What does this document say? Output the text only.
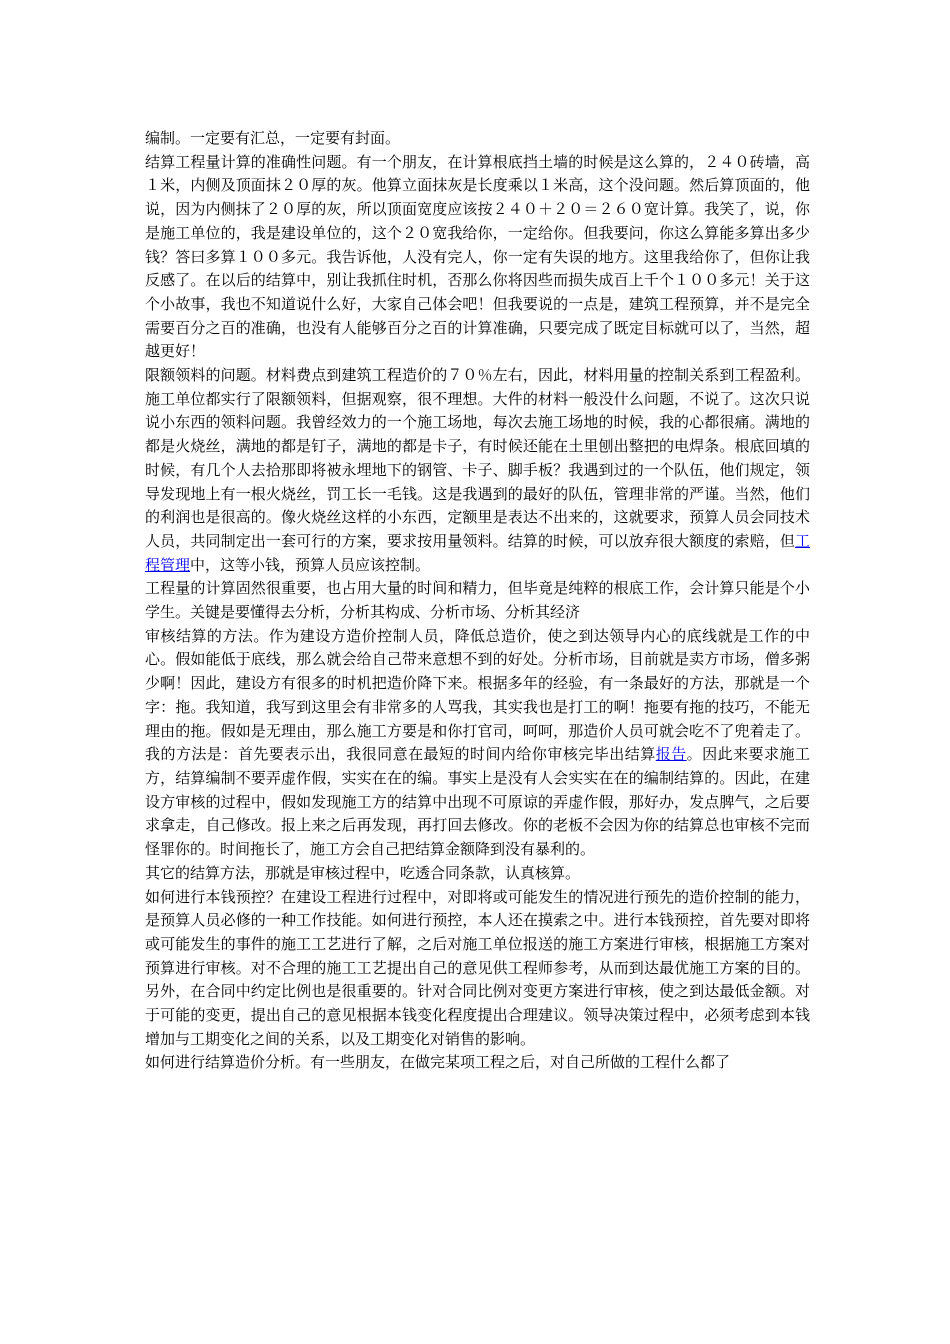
编制。一定要有汇总，一定要有封面。

结算工程量计算的准确性问题。有一个朋友，在计算根底挡土墙的时候是这么算的，２４０砖墙，高１米，内侧及顶面抹２０厚的灰。他算立面抹灰是长度乘以１米高，这个没问题。然后算顶面的，他说，因为内侧抹了２０厚的灰，所以顶面宽度应该按２４０＋２０＝２６０宽计算。我笑了，说，你是施工单位的，我是建设单位的，这个２０宽我给你，一定给你。但我要问，你这么算能多算出多少钱？答曰多算１００多元。我告诉他，人没有完人，你一定有失误的地方。这里我给你了，但你让我反感了。在以后的结算中，别让我抓住时机，否那么你将因些而损失成百上千个１００多元！关于这个小故事，我也不知道说什么好，大家自己体会吧！但我要说的一点是，建筑工程预算，并不是完全需要百分之百的准确，也没有人能够百分之百的计算准确，只要完成了既定目标就可以了，当然，超越更好！

限额领料的问题。材料费点到建筑工程造价的７０％左右，因此，材料用量的控制关系到工程盈利。施工单位都实行了限额领料，但据观察，很不理想。大件的材料一般没什么问题，不说了。这次只说说小东西的领料问题。我曾经效力的一个施工场地，每次去施工场地的时候，我的心都很痛。满地的都是火烧丝，满地的都是钉子，满地的都是卡子，有时候还能在土里刨出整把的电焊条。根底回填的时候，有几个人去拾那即将被永埋地下的钢管、卡子、脚手板？我遇到过的一个队伍，他们规定，领导发现地上有一根火烧丝，罚工长一毛钱。这是我遇到的最好的队伍，管理非常的严谨。当然，他们的利润也是很高的。像火烧丝这样的小东西，定额里是表达不出来的，这就要求，预算人员会同技术人员，共同制定出一套可行的方案，要求按用量领料。结算的时候，可以放弃很大额度的索赔，但工程管理中，这等小钱，预算人员应该控制。

工程量的计算固然很重要，也占用大量的时间和精力，但毕竟是纯粹的根底工作，会计算只能是个小学生。关键是要懂得去分析，分析其构成、分析市场、分析其经济

审核结算的方法。作为建设方造价控制人员，降低总造价，使之到达领导内心的底线就是工作的中心。假如能低于底线，那么就会给自己带来意想不到的好处。分析市场，目前就是卖方市场，僧多粥少啊！因此，建设方有很多的时机把造价降下来。根据多年的经验，有一条最好的方法，那就是一个字：拖。我知道，我写到这里会有非常多的人骂我，其实我也是打工的啊！拖要有拖的技巧，不能无理由的拖。假如是无理由，那么施工方要是和你打官司，呵呵，那造价人员可就会吃不了兜着走了。我的方法是：首先要表示出，我很同意在最短的时间内给你审核完毕出结算报告。因此来要求施工方，结算编制不要弄虚作假，实实在在的编。事实上是没有人会实实在在的编制结算的。因此，在建设方审核的过程中，假如发现施工方的结算中出现不可原谅的弄虚作假，那好办，发点脾气，之后要求拿走，自己修改。报上来之后再发现，再打回去修改。你的老板不会因为你的结算总也审核不完而怪罪你的。时间拖长了，施工方会自己把结算金额降到没有暴利的。

其它的结算方法，那就是审核过程中，吃透合同条款，认真核算。

如何进行本钱预控？在建设工程进行过程中，对即将或可能发生的情况进行预先的造价控制的能力，是预算人员必修的一种工作技能。如何进行预控，本人还在摸索之中。进行本钱预控，首先要对即将或可能发生的事件的施工工艺进行了解，之后对施工单位报送的施工方案进行审核，根据施工方案对预算进行审核。对不合理的施工工艺提出自己的意见供工程师参考，从而到达最优施工方案的目的。另外，在合同中约定比例也是很重要的。针对合同比例对变更方案进行审核，使之到达最低金额。对于可能的变更，提出自己的意见根据本钱变化程度提出合理建议。领导决策过程中，必须考虑到本钱增加与工期变化之间的关系，以及工期变化对销售的影响。

如何进行结算造价分析。有一些朋友，在做完某项工程之后，对自己所做的工程什么都了
